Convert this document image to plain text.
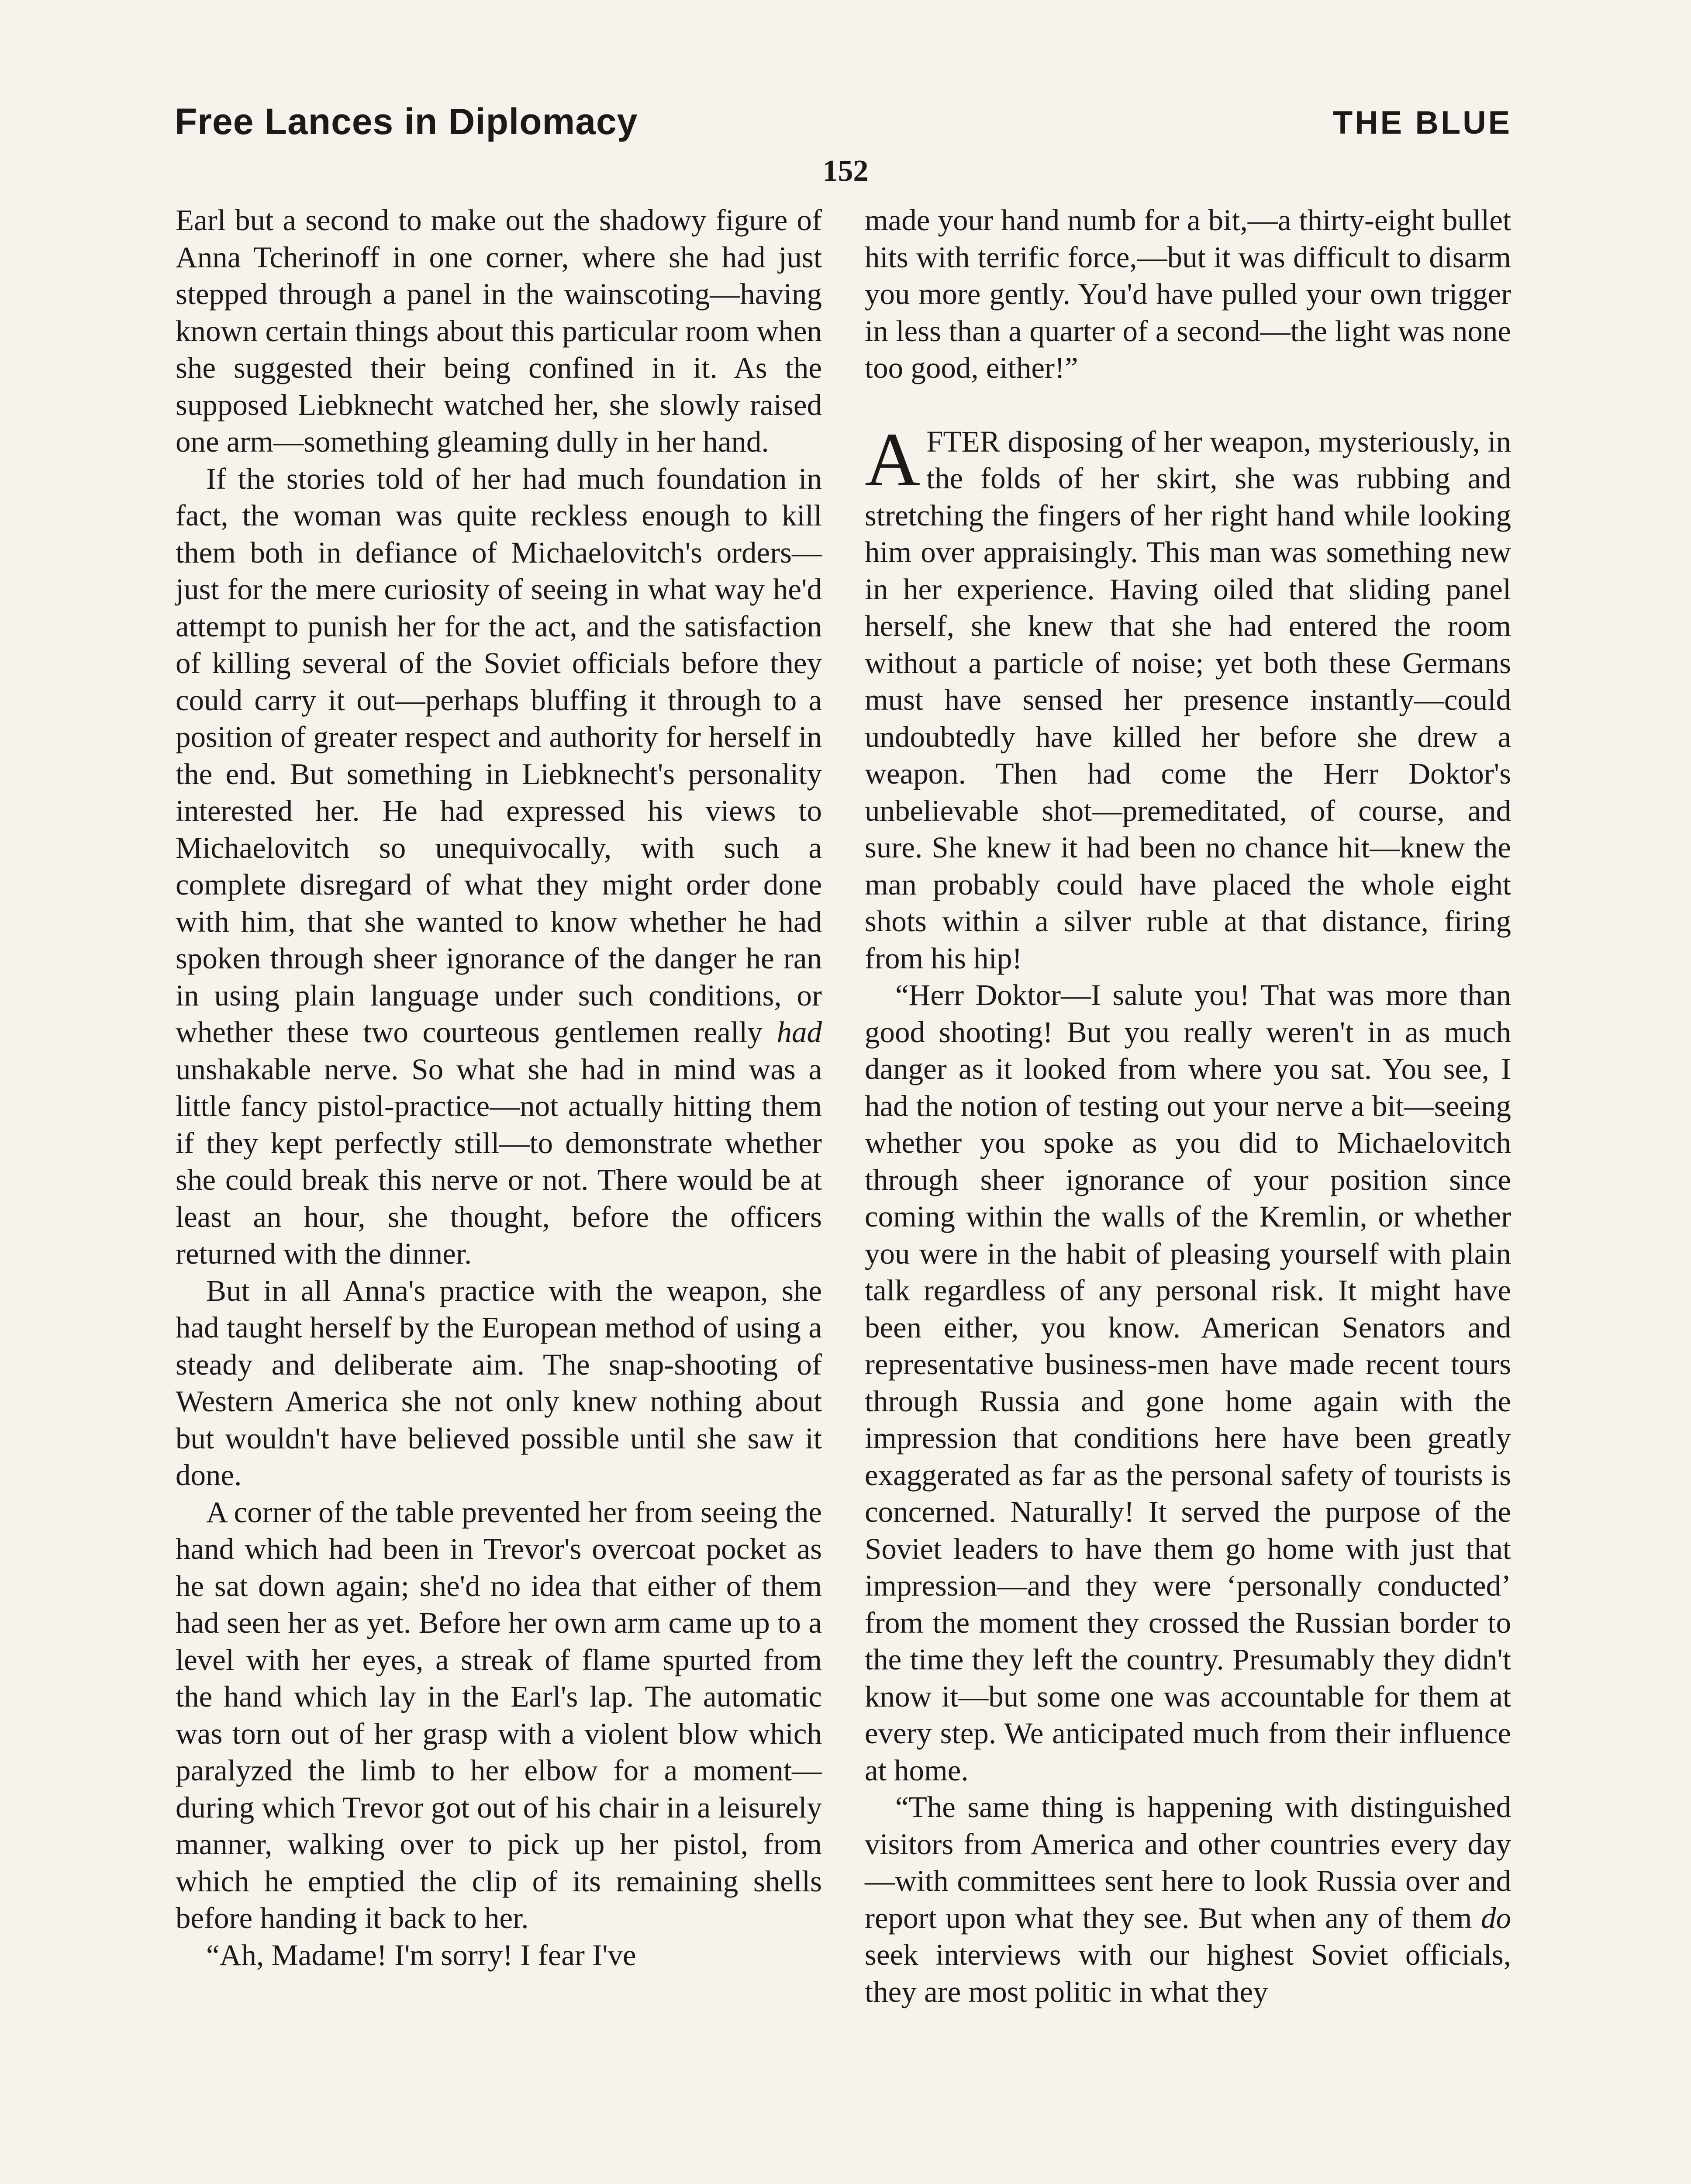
Free Lances in Diplomacy	THE BLUE
152

Earl but a second to make out the shadowy figure of Anna Tcherinoff in one corner, where she had just stepped through a panel in the wainscoting—having known certain things about this particular room when she suggested their being confined in it. As the supposed Liebknecht watched her, she slowly raised one arm—something gleaming dully in her hand.

If the stories told of her had much foundation in fact, the woman was quite reckless enough to kill them both in defiance of Michaelovitch's orders—just for the mere curiosity of seeing in what way he'd attempt to punish her for the act, and the satisfaction of killing several of the Soviet officials before they could carry it out—perhaps bluffing it through to a position of greater respect and authority for herself in the end. But something in Liebknecht's personality interested her. He had expressed his views to Michaelovitch so unequivocally, with such a complete disregard of what they might order done with him, that she wanted to know whether he had spoken through sheer ignorance of the danger he ran in using plain language under such conditions, or whether these two courteous gentlemen really had unshakable nerve. So what she had in mind was a little fancy pistol-practice—not actually hitting them if they kept perfectly still—to demonstrate whether she could break this nerve or not. There would be at least an hour, she thought, before the officers returned with the dinner.

But in all Anna's practice with the weapon, she had taught herself by the European method of using a steady and deliberate aim. The snap-shooting of Western America she not only knew nothing about but wouldn't have believed possible until she saw it done.

A corner of the table prevented her from seeing the hand which had been in Trevor's overcoat pocket as he sat down again; she'd no idea that either of them had seen her as yet. Before her own arm came up to a level with her eyes, a streak of flame spurted from the hand which lay in the Earl's lap. The automatic was torn out of her grasp with a violent blow which paralyzed the limb to her elbow for a moment—during which Trevor got out of his chair in a leisurely manner, walking over to pick up her pistol, from which he emptied the clip of its remaining shells before handing it back to her.

“Ah, Madame! I'm sorry! I fear I've

made your hand numb for a bit,—a thirty-eight bullet hits with terrific force,—but it was difficult to disarm you more gently. You'd have pulled your own trigger in less than a quarter of a second—the light was none too good, either!”

AFTER disposing of her weapon, mysteriously, in the folds of her skirt, she was rubbing and stretching the fingers of her right hand while looking him over appraisingly. This man was something new in her experience. Having oiled that sliding panel herself, she knew that she had entered the room without a particle of noise; yet both these Germans must have sensed her presence instantly—could undoubtedly have killed her before she drew a weapon. Then had come the Herr Doktor's unbelievable shot—premeditated, of course, and sure. She knew it had been no chance hit—knew the man probably could have placed the whole eight shots within a silver ruble at that distance, firing from his hip!

“Herr Doktor—I salute you! That was more than good shooting! But you really weren't in as much danger as it looked from where you sat. You see, I had the notion of testing out your nerve a bit—seeing whether you spoke as you did to Michaelovitch through sheer ignorance of your position since coming within the walls of the Kremlin, or whether you were in the habit of pleasing yourself with plain talk regardless of any personal risk. It might have been either, you know. American Senators and representative business-men have made recent tours through Russia and gone home again with the impression that conditions here have been greatly exaggerated as far as the personal safety of tourists is concerned. Naturally! It served the purpose of the Soviet leaders to have them go home with just that impression—and they were ‘personally conducted’ from the moment they crossed the Russian border to the time they left the country. Presumably they didn't know it—but some one was accountable for them at every step. We anticipated much from their influence at home.

“The same thing is happening with distinguished visitors from America and other countries every day—with committees sent here to look Russia over and report upon what they see. But when any of them do seek interviews with our highest Soviet officials, they are most politic in what they
